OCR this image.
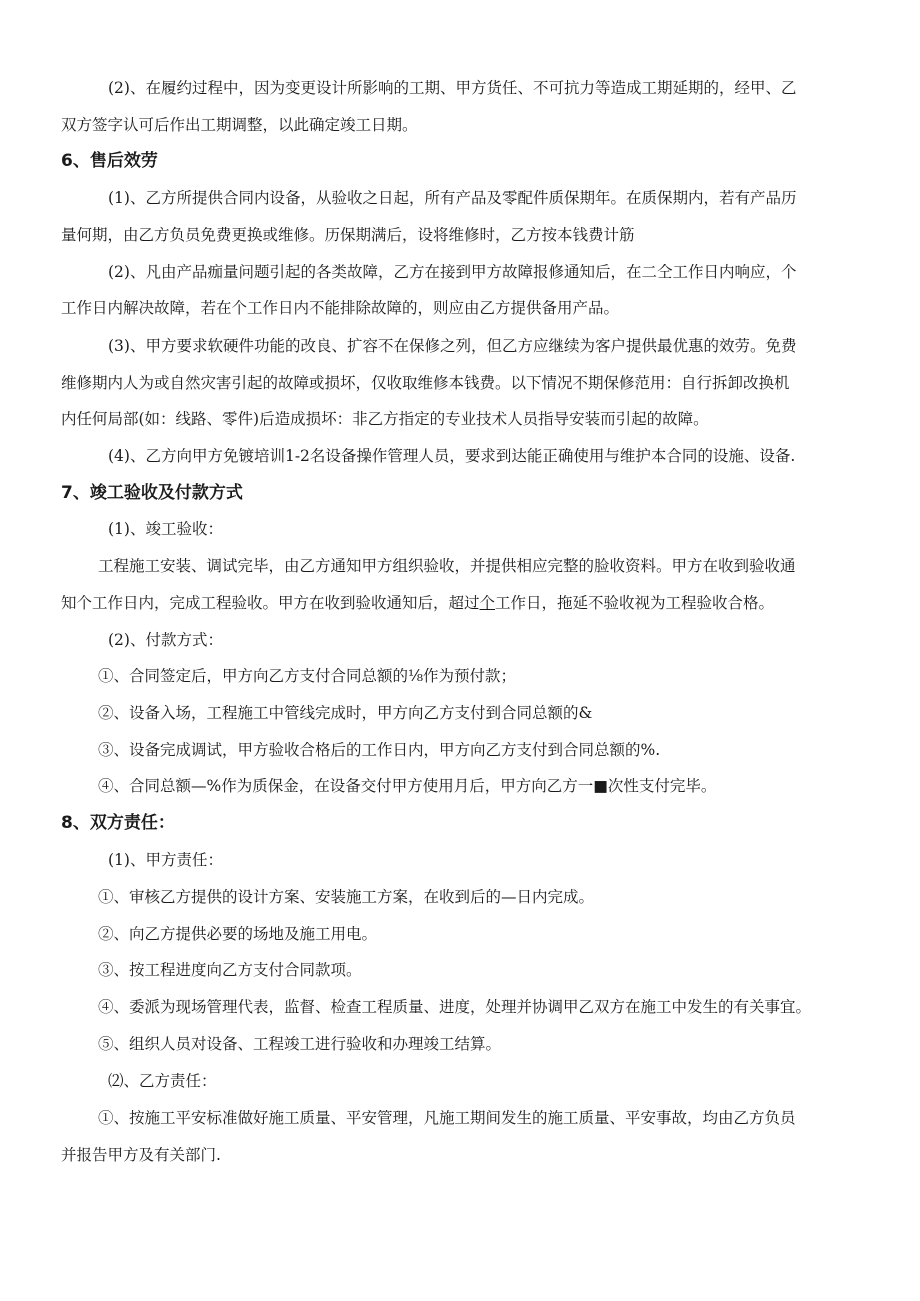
(2)、在履约过程中，因为变更设计所影响的工期、甲方货任、不可抗力等造成工期延期的，经甲、乙
双方签字认可后作出工期调整，以此确定竣工日期。
6、售后效劳
(1)、乙方所提供合同内设备，从验收之日起，所有产品及零配件质保期年。在质保期内，若有产品历
量何期，由乙方负员免费更换或维修。历保期满后，设将维修时，乙方按本钱费计筋
(2)、凡由产品痂量问题引起的各类故障，乙方在接到甲方故障报修通知后，在二仝工作日内响应，个
工作日内解决故障，若在个工作日内不能排除故障的，则应由乙方提供备用产品。
(3)、甲方要求软硬件功能的改良、扩容不在保修之列，但乙方应继续为客户提供最优惠的效劳。免费
维修期内人为或自然灾害引起的故障或损坏，仅收取维修本钱费。以下情况不期保修范用：自行拆卸改换机
内任何局部(如：线路、零件)后造成损坏：非乙方指定的专业技术人员指导安装而引起的故障。
(4)、乙方向甲方免镀培训1-2名设备操作管理人员，要求到达能正确使用与维护本合同的设施、设备.
7、竣工验收及付款方式
(1)、竣工验收：
工程施工安装、调试完毕，由乙方通知甲方组织验收，并提供相应完整的脸收资料。甲方在收到验收通
知个工作日内，完成工程验收。甲方在收到验收通知后，超过个工作日，拖延不验收视为工程验收合格。
(2)、付款方式：
①、合同签定后，甲方向乙方支付合同总额的⅛作为预付款；
②、设备入场，工程施工中管线完成时，甲方向乙方支付到合同总额的&
③、设备完成调试，甲方验收合格后的工作日内，甲方向乙方支付到合同总额的%.
④、合同总额—%作为质保金，在设备交付甲方使用月后，甲方向乙方一■次性支付完毕。
8、双方责任：
(1)、甲方责任：
①、审核乙方提供的设计方案、安装施工方案，在收到后的—日内完成。
②、向乙方提供必要的场地及施工用电。
③、按工程进度向乙方支付合同款项。
④、委派为现场管理代表，监督、检查工程质量、进度，处理并协调甲乙双方在施工中发生的有关事宜。
⑤、组织人员对设备、工程竣工进行验收和办理竣工结算。
⑵、乙方责任：
①、按施工平安标准做好施工质量、平安管理，凡施工期间发生的施工质量、平安事故，均由乙方负员
并报告甲方及有关部门.
